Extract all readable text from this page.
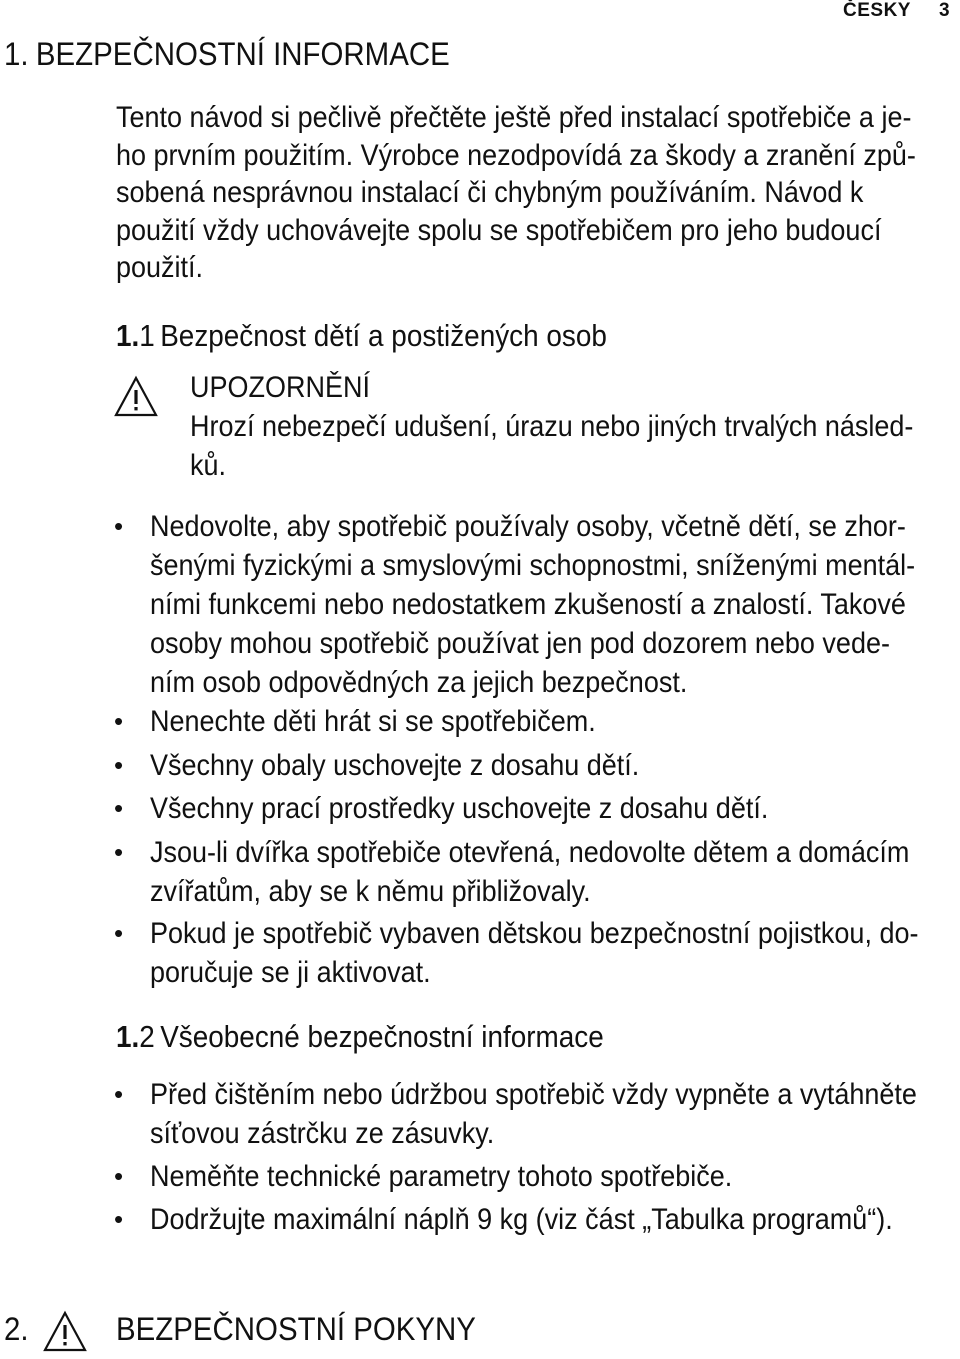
ČESKY 3
1. BEZPEČNOSTNÍ INFORMACE
Tento návod si pečlivě přečtěte ještě před instalací spotřebiče a je-
ho prvním použitím. Výrobce nezodpovídá za škody a zranění způ-
sobená nesprávnou instalací či chybným používáním. Návod k
použití vždy uchovávejte spolu se spotřebičem pro jeho budoucí
použití.
1.1 Bezpečnost dětí a postižených osob
UPOZORNĚNÍ
Hrozí nebezpečí udušení, úrazu nebo jiných trvalých násled-
ků.
• Nedovolte, aby spotřebič používaly osoby, včetně dětí, se zhor-
šenými fyzickými a smyslovými schopnostmi, sníženými mentál-
ními funkcemi nebo nedostatkem zkušeností a znalostí. Takové
osoby mohou spotřebič používat jen pod dozorem nebo vede-
ním osob odpovědných za jejich bezpečnost.
• Nenechte děti hrát si se spotřebičem.
• Všechny obaly uschovejte z dosahu dětí.
• Všechny prací prostředky uschovejte z dosahu dětí.
• Jsou-li dvířka spotřebiče otevřená, nedovolte dětem a domácím
zvířatům, aby se k němu přibližovaly.
• Pokud je spotřebič vybaven dětskou bezpečnostní pojistkou, do-
poručuje se ji aktivovat.
1.2 Všeobecné bezpečnostní informace
• Před čištěním nebo údržbou spotřebič vždy vypněte a vytáhněte
síťovou zástrčku ze zásuvky.
• Neměňte technické parametry tohoto spotřebiče.
• Dodržujte maximální náplň 9 kg (viz část „Tabulka programů“).
2.	BEZPEČNOSTNÍ POKYNY
